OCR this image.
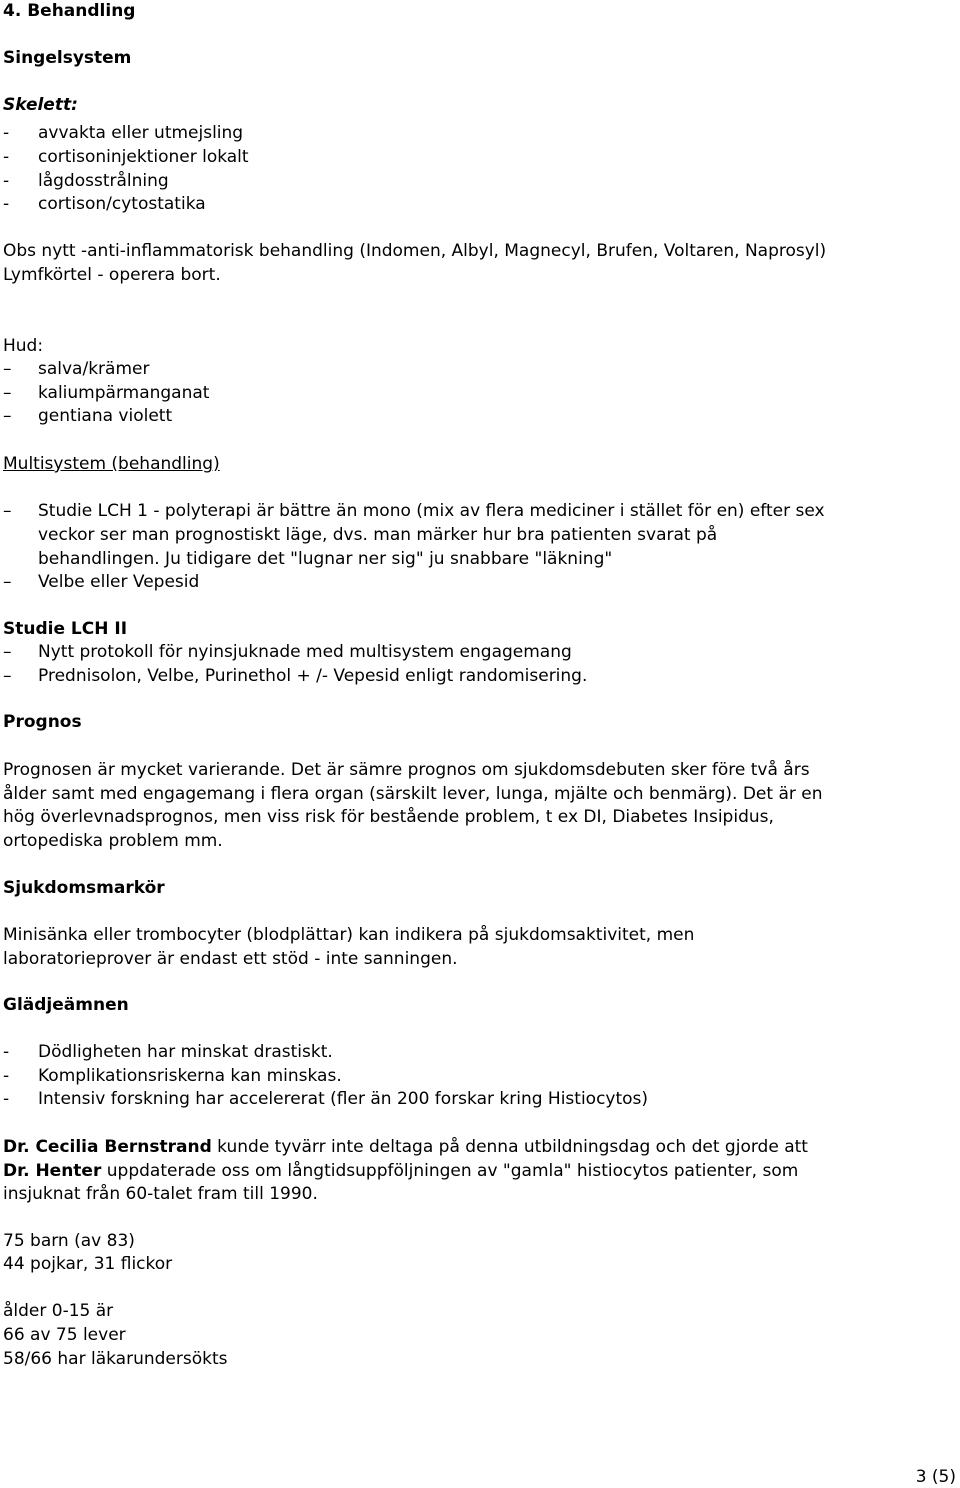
4. Behandling
Singelsystem
Skelett:
- avvakta eller utmejsling
- cortisoninjektioner lokalt
- lågdosstrålning
- cortison/cytostatika
Obs nytt -anti-inflammatorisk behandling (Indomen, Albyl, Magnecyl, Brufen, Voltaren, Naprosyl)
Lymfkörtel - operera bort.
Hud:
– salva/krämer
– kaliumpärmanganat
– gentiana violett
Multisystem (behandling)
– Studie LCH 1 - polyterapi är bättre än mono (mix av flera mediciner i stället för en) efter sex
veckor ser man prognostiskt läge, dvs. man märker hur bra patienten svarat på
behandlingen. Ju tidigare det "lugnar ner sig" ju snabbare "läkning"
– Velbe eller Vepesid
Studie LCH II
– Nytt protokoll för nyinsjuknade med multisystem engagemang
– Prednisolon, Velbe, Purinethol + /- Vepesid enligt randomisering.
Prognos
Prognosen är mycket varierande. Det är sämre prognos om sjukdomsdebuten sker före två års
ålder samt med engagemang i flera organ (särskilt lever, lunga, mjälte och benmärg). Det är en
hög överlevnadsprognos, men viss risk för bestående problem, t ex DI, Diabetes Insipidus,
ortopediska problem mm.
Sjukdomsmarkör
Minisänka eller trombocyter (blodplättar) kan indikera på sjukdomsaktivitet, men
laboratorieprover är endast ett stöd - inte sanningen.
Glädjeämnen
- Dödligheten har minskat drastiskt.
- Komplikationsriskerna kan minskas.
- Intensiv forskning har accelererat (fler än 200 forskar kring Histiocytos)
Dr. Cecilia Bernstrand kunde tyvärr inte deltaga på denna utbildningsdag och det gjorde att
Dr. Henter uppdaterade oss om långtidsuppföljningen av "gamla" histiocytos patienter, som
insjuknat från 60-talet fram till 1990.
75 barn (av 83)
44 pojkar, 31 flickor
ålder 0-15 är
66 av 75 lever
58/66 har läkarundersökts
3 (5)
